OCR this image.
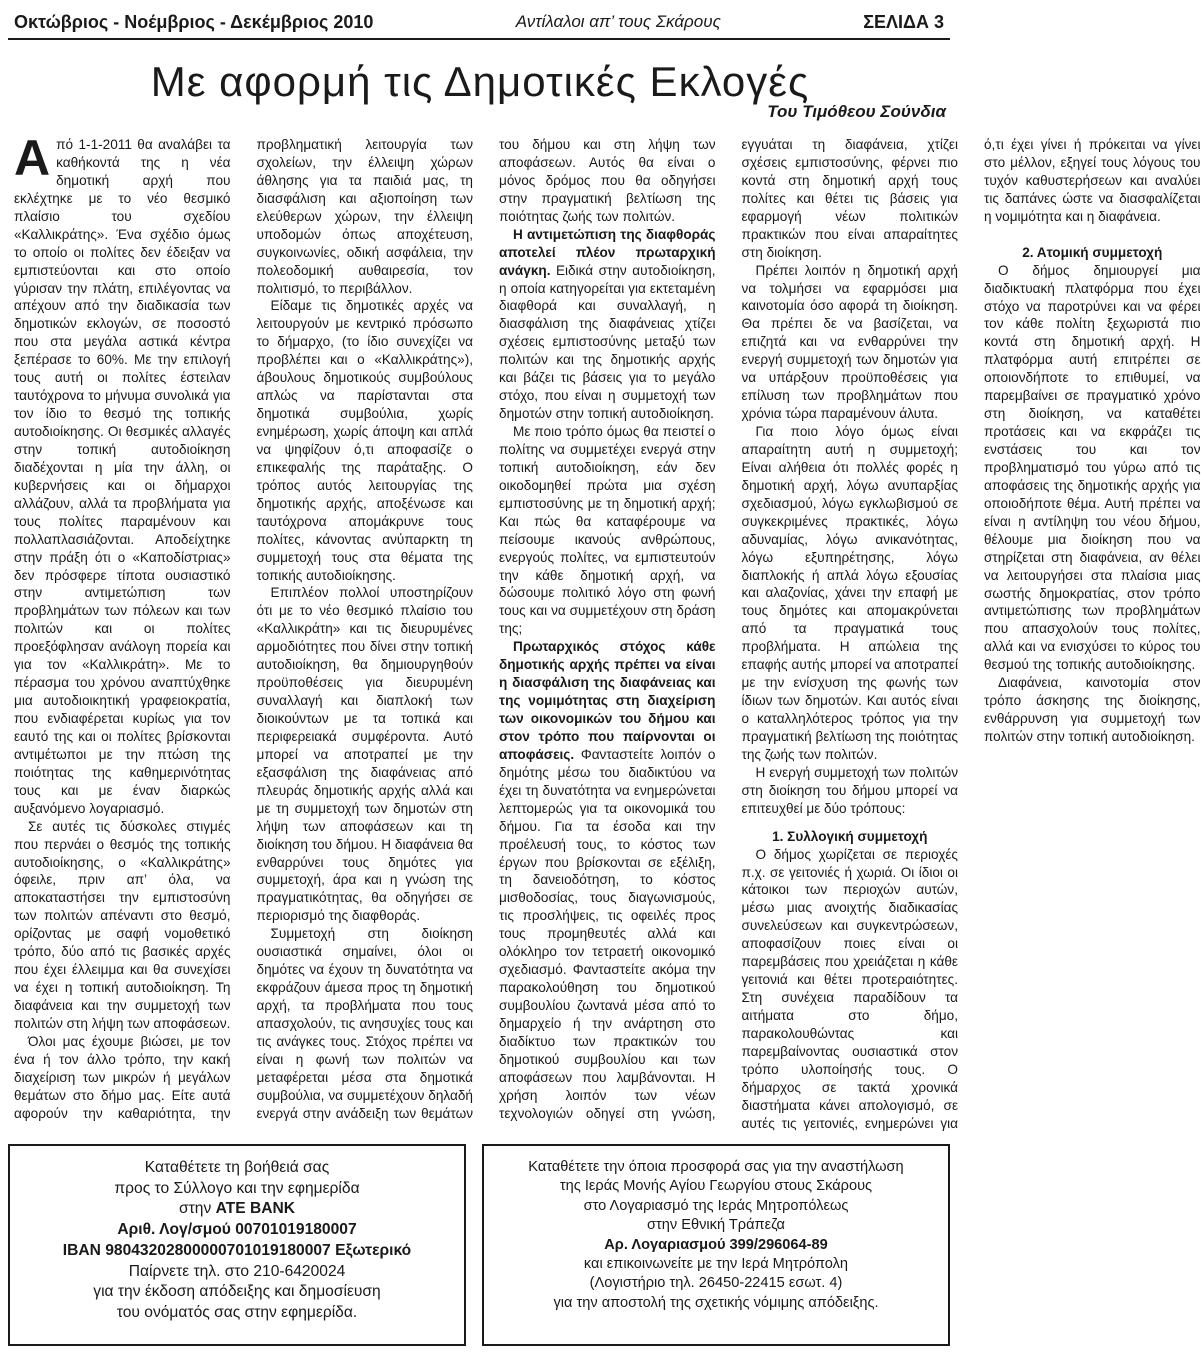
Οκτώβριος - Νοέμβριος - Δεκέμβριος 2010	Αντίλαλοι απ’ τους Σκάρους	ΣΕΛΙΔΑ 3
Με αφορμή τις Δημοτικές Εκλογές
Του Τιμόθεου Σούνδια

Από 1-1-2011 θα αναλάβει τα καθήκοντά της η νέα δημοτική αρχή που εκλέχτηκε με το νέο θεσμικό πλαίσιο του σχεδίου «Καλλικράτης». Ένα σχέδιο όμως το οποίο οι πολίτες δεν έδειξαν να εμπιστεύονται και στο οποίο γύρισαν την πλάτη, επιλέγοντας να απέχουν από την διαδικασία των δημοτικών εκλογών, σε ποσοστό που στα μεγάλα αστικά κέντρα ξεπέρασε το 60%. Με την επιλογή τους αυτή οι πολίτες έστειλαν ταυτόχρονα το μήνυμα συνολικά για τον ίδιο το θεσμό της τοπικής αυτοδιοίκησης. Οι θεσμικές αλλαγές στην τοπική αυτοδιοίκηση διαδέχονται η μία την άλλη, οι κυβερνήσεις και οι δήμαρχοι αλλάζουν, αλλά τα προβλήματα για τους πολίτες παραμένουν και πολλαπλασιάζονται. Αποδείχτηκε στην πράξη ότι ο «Καποδίστριας» δεν πρόσφερε τίποτα ουσιαστικό στην αντιμετώπιση των προβλημάτων των πόλεων και των πολιτών και οι πολίτες προεξόφλησαν ανάλογη πορεία και για τον «Καλλικράτη». Με το πέρασμα του χρόνου αναπτύχθηκε μια αυτοδιοικητική γραφειοκρατία, που ενδιαφέρεται κυρίως για τον εαυτό της και οι πολίτες βρίσκονται αντιμέτωποι με την πτώση της ποιότητας της καθημερινότητας τους και με έναν διαρκώς αυξανόμενο λογαριασμό.

Σε αυτές τις δύσκολες στιγμές που περνάει ο θεσμός της τοπικής αυτοδιοίκησης, ο «Καλλικράτης» όφειλε, πριν απ’ όλα, να αποκαταστήσει την εμπιστοσύνη των πολιτών απέναντι στο θεσμό, ορίζοντας με σαφή νομοθετικό τρόπο, δύο από τις βασικές αρχές που έχει έλλειμμα και θα συνεχίσει να έχει η τοπική αυτοδιοίκηση. Τη διαφάνεια και την συμμετοχή των πολιτών στη λήψη των αποφάσεων.

Όλοι μας έχουμε βιώσει, με τον ένα ή τον άλλο τρόπο, την κακή διαχείριση των μικρών ή μεγάλων θεμάτων στο δήμο μας. Είτε αυτά αφορούν την καθαριότητα, την προβληματική λειτουργία των σχολείων, την έλλειψη χώρων άθλησης για τα παιδιά μας, τη διασφάλιση και αξιοποίηση των ελεύθερων χώρων, την έλλειψη υποδομών όπως αποχέτευση, συγκοινωνίες, οδική ασφάλεια, την πολεοδομική αυθαιρεσία, τον πολιτισμό, το περιβάλλον.

Είδαμε τις δημοτικές αρχές να λειτουργούν με κεντρικό πρόσωπο το δήμαρχο, (το ίδιο συνεχίζει να προβλέπει και ο «Καλλικράτης»), άβουλους δημοτικούς συμβούλους απλώς να παρίστανται στα δημοτικά συμβούλια, χωρίς ενημέρωση, χωρίς άποψη και απλά να ψηφίζουν ό,τι αποφασίζε ο επικεφαλής της παράταξης. Ο τρόπος αυτός λειτουργίας της δημοτικής αρχής, αποξένωσε και ταυτόχρονα απομάκρυνε τους πολίτες, κάνοντας ανύπαρκτη τη συμμετοχή τους στα θέματα της τοπικής αυτοδιοίκησης.

Επιπλέον πολλοί υποστηρίζουν ότι με το νέο θεσμικό πλαίσιο του «Καλλικράτη» και τις διευρυμένες αρμοδιότητες που δίνει στην τοπική αυτοδιοίκηση, θα δημιουργηθούν προϋποθέσεις για διευρυμένη συναλλαγή και διαπλοκή των διοικούντων με τα τοπικά και περιφερειακά συμφέροντα. Αυτό μπορεί να αποτραπεί με την εξασφάλιση της διαφάνειας από πλευράς δημοτικής αρχής αλλά και με τη συμμετοχή των δημοτών στη λήψη των αποφάσεων και τη διοίκηση του δήμου. Η διαφάνεια θα ενθαρρύνει τους δημότες για συμμετοχή, άρα και η γνώση της πραγματικότητας, θα οδηγήσει σε περιορισμό της διαφθοράς.

Συμμετοχή στη διοίκηση ουσιαστικά σημαίνει, όλοι οι δημότες να έχουν τη δυνατότητα να εκφράζουν άμεσα προς τη δημοτική αρχή, τα προβλήματα που τους απασχολούν, τις ανησυχίες τους και τις ανάγκες τους. Στόχος πρέπει να είναι η φωνή των πολιτών να μεταφέρεται μέσα στα δημοτικά συμβούλια, να συμμετέχουν δηλαδή ενεργά στην ανάδειξη των θεμάτων του δήμου και στη λήψη των αποφάσεων. Αυτός θα είναι ο μόνος δρόμος που θα οδηγήσει στην πραγματική βελτίωση της ποιότητας ζωής των πολιτών.

Η αντιμετώπιση της διαφθοράς αποτελεί πλέον πρωταρχική ανάγκη. Ειδικά στην αυτοδιοίκηση, η οποία κατηγορείται για εκτεταμένη διαφθορά και συναλλαγή, η διασφάλιση της διαφάνειας χτίζει σχέσεις εμπιστοσύνης μεταξύ των πολιτών και της δημοτικής αρχής και βάζει τις βάσεις για το μεγάλο στόχο, που είναι η συμμετοχή των δημοτών στην τοπική αυτοδιοίκηση.

Με ποιο τρόπο όμως θα πειστεί ο πολίτης να συμμετέχει ενεργά στην τοπική αυτοδιοίκηση, εάν δεν οικοδομηθεί πρώτα μια σχέση εμπιστοσύνης με τη δημοτική αρχή; Και πώς θα καταφέρουμε να πείσουμε ικανούς ανθρώπους, ενεργούς πολίτες, να εμπιστευτούν την κάθε δημοτική αρχή, να δώσουμε πολιτικό λόγο στη φωνή τους και να συμμετέχουν στη δράση της;

Πρωταρχικός στόχος κάθε δημοτικής αρχής πρέπει να είναι η διασφάλιση της διαφάνειας και της νομιμότητας στη διαχείριση των οικονομικών του δήμου και στον τρόπο που παίρνονται οι αποφάσεις. Φανταστείτε λοιπόν ο δημότης μέσω του διαδικτύου να έχει τη δυνατότητα να ενημερώνεται λεπτομερώς για τα οικονομικά του δήμου. Για τα έσοδα και την προέλευσή τους, το κόστος των έργων που βρίσκονται σε εξέλιξη, τη δανειοδότηση, το κόστος μισθοδοσίας, τους διαγωνισμούς, τις προσλήψεις, τις οφειλές προς τους προμηθευτές αλλά και ολόκληρο τον τετραετή οικονομικό σχεδιασμό. Φανταστείτε ακόμα την παρακολούθηση του δημοτικού συμβουλίου ζωντανά μέσα από το δημαρχείο ή την ανάρτηση στο διαδίκτυο των πρακτικών του δημοτικού συμβουλίου και των αποφάσεων που λαμβάνονται. Η χρήση λοιπόν των νέων τεχνολογιών οδηγεί στη γνώση, εγγυάται τη διαφάνεια, χτίζει σχέσεις εμπιστοσύνης, φέρνει πιο κοντά στη δημοτική αρχή τους πολίτες και θέτει τις βάσεις για εφαρμογή νέων πολιτικών πρακτικών που είναι απαραίτητες στη διοίκηση.

Πρέπει λοιπόν η δημοτική αρχή να τολμήσει να εφαρμόσει μια καινοτομία όσο αφορά τη διοίκηση. Θα πρέπει δε να βασίζεται, να επιζητά και να ενθαρρύνει την ενεργή συμμετοχή των δημοτών για να υπάρξουν προϋποθέσεις για επίλυση των προβλημάτων που χρόνια τώρα παραμένουν άλυτα.

Για ποιο λόγο όμως είναι απαραίτητη αυτή η συμμετοχή; Είναι αλήθεια ότι πολλές φορές η δημοτική αρχή, λόγω ανυπαρξίας σχεδιασμού, λόγω εγκλωβισμού σε συγκεκριμένες πρακτικές, λόγω αδυναμίας, λόγω ανικανότητας, λόγω εξυπηρέτησης, λόγω διαπλοκής ή απλά λόγω εξουσίας και αλαζονίας, χάνει την επαφή με τους δημότες και απομακρύνεται από τα πραγματικά τους προβλήματα. Η απώλεια της επαφής αυτής μπορεί να αποτραπεί με την ενίσχυση της φωνής των ίδιων των δημοτών. Και αυτός είναι ο καταλληλότερος τρόπος για την πραγματική βελτίωση της ποιότητας της ζωής των πολιτών.

Η ενεργή συμμετοχή των πολιτών στη διοίκηση του δήμου μπορεί να επιτευχθεί με δύο τρόπους:

1. Συλλογική συμμετοχή

Ο δήμος χωρίζεται σε περιοχές π.χ. σε γειτονιές ή χωριά. Οι ίδιοι οι κάτοικοι των περιοχών αυτών, μέσω μιας ανοιχτής διαδικασίας συνελεύσεων και συγκεντρώσεων, αποφασίζουν ποιες είναι οι παρεμβάσεις που χρειάζεται η κάθε γειτονιά και θέτει προτεραιότητες. Στη συνέχεια παραδίδουν τα αιτήματα στο δήμο, παρακολουθώντας και παρεμβαίνοντας ουσιαστικά στον τρόπο υλοποίησής τους. Ο δήμαρχος σε τακτά χρονικά διαστήματα κάνει απολογισμό, σε αυτές τις γειτονιές, ενημερώνει για ό,τι έχει γίνει ή πρόκειται να γίνει στο μέλλον, εξηγεί τους λόγους του τυχόν καθυστερήσεων και αναλύει τις δαπάνες ώστε να διασφαλίζεται η νομιμότητα και η διαφάνεια.

2. Ατομική συμμετοχή

Ο δήμος δημιουργεί μια διαδικτυακή πλατφόρμα που έχει στόχο να παροτρύνει και να φέρει τον κάθε πολίτη ξεχωριστά πιο κοντά στη δημοτική αρχή. Η πλατφόρμα αυτή επιτρέπει σε οποιονδήποτε το επιθυμεί, να παρεμβαίνει σε πραγματικό χρόνο στη διοίκηση, να καταθέτει προτάσεις και να εκφράζει τις ενστάσεις του και τον προβληματισμό του γύρω από τις αποφάσεις της δημοτικής αρχής για οποιοδήποτε θέμα. Αυτή πρέπει να είναι η αντίληψη του νέου δήμου, θέλουμε μια διοίκηση που να στηρίζεται στη διαφάνεια, αν θέλει να λειτουργήσει στα πλαίσια μιας σωστής δημοκρατίας, στον τρόπο αντιμετώπισης των προβλημάτων που απασχολούν τους πολίτες, αλλά και να ενισχύσει το κύρος του θεσμού της τοπικής αυτοδιοίκησης.

Διαφάνεια, καινοτομία στον τρόπο άσκησης της διοίκησης, ενθάρρυνση για συμμετοχή των πολιτών στην τοπική αυτοδιοίκηση.

Καταθέτετε τη βοήθειά σας
προς το Σύλλογο και την εφημερίδα
στην ATE BANK
Αριθ. Λογ/σμού 00701019180007
IBAN 98043202800000701019180007 Εξωτερικό
Παίρνετε τηλ. στο 210-6420024
για την έκδοση απόδειξης και δημοσίευση
του ονόματός σας στην εφημερίδα.
Καταθέτετε την όποια προσφορά σας για την αναστήλωση
της Ιεράς Μονής Αγίου Γεωργίου στους Σκάρους
στο Λογαριασμό της Ιεράς Μητροπόλεως
στην Εθνική Τράπεζα
Αρ. Λογαριασμού 399/296064-89
και επικοινωνείτε με την Ιερά Μητρόπολη
(Λογιστήριο τηλ. 26450-22415 εσωτ. 4)
για την αποστολή της σχετικής νόμιμης απόδειξης.
